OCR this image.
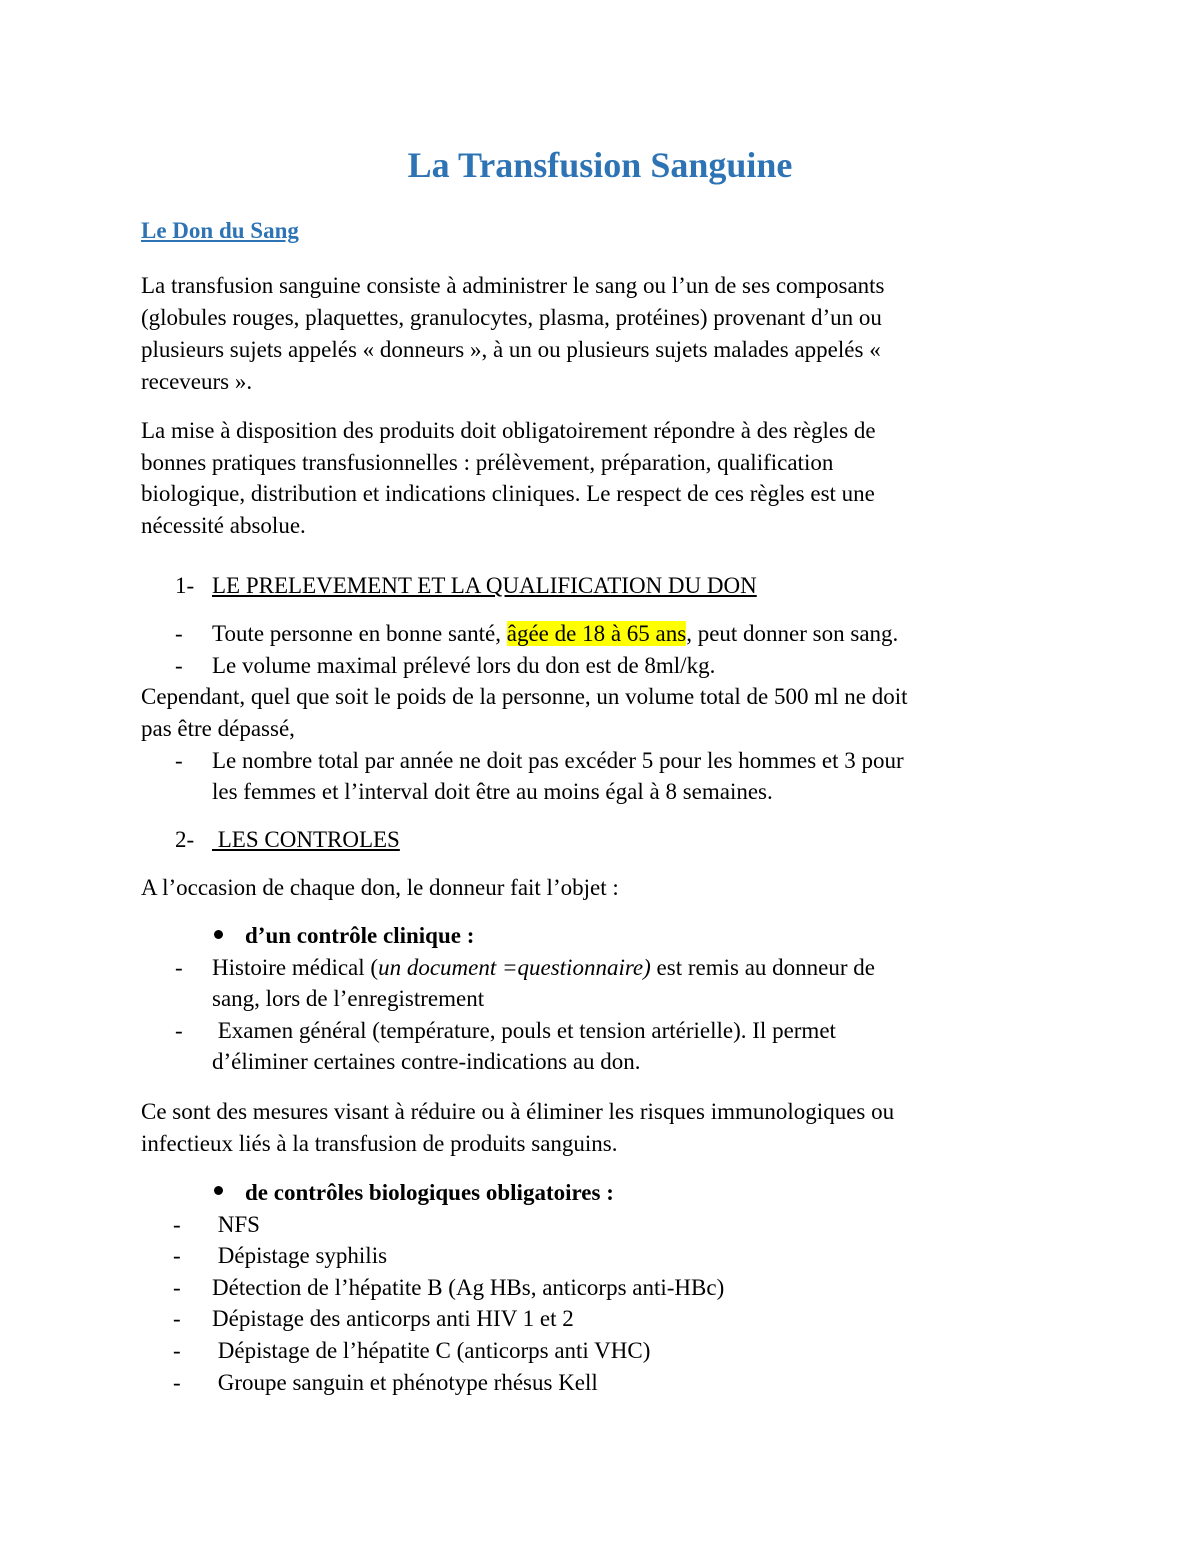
La Transfusion Sanguine
Le Don du Sang
La transfusion sanguine consiste à administrer le sang ou l’un de ses composants
(globules rouges, plaquettes, granulocytes, plasma, protéines) provenant d’un ou
plusieurs sujets appelés « donneurs », à un ou plusieurs sujets malades appelés «
receveurs ».
La mise à disposition des produits doit obligatoirement répondre à des règles de
bonnes pratiques transfusionnelles : prélèvement, préparation, qualification
biologique, distribution et indications cliniques. Le respect de ces règles est une
nécessité absolue.
1- LE PRELEVEMENT ET LA QUALIFICATION DU DON
- Toute personne en bonne santé, âgée de 18 à 65 ans, peut donner son sang.
- Le volume maximal prélevé lors du don est de 8ml/kg.
Cependant, quel que soit le poids de la personne, un volume total de 500 ml ne doit
pas être dépassé,
- Le nombre total par année ne doit pas excéder 5 pour les hommes et 3 pour
les femmes et l’interval doit être au moins égal à 8 semaines.
2- LES CONTROLES
A l’occasion de chaque don, le donneur fait l’objet :
d’un contrôle clinique :
- Histoire médical (un document =questionnaire) est remis au donneur de
sang, lors de l’enregistrement
- Examen général (température, pouls et tension artérielle). Il permet
d’éliminer certaines contre-indications au don.
Ce sont des mesures visant à réduire ou à éliminer les risques immunologiques ou
infectieux liés à la transfusion de produits sanguins.
de contrôles biologiques obligatoires :
- NFS
- Dépistage syphilis
- Détection de l’hépatite B (Ag HBs, anticorps anti-HBc)
- Dépistage des anticorps anti HIV 1 et 2
- Dépistage de l’hépatite C (anticorps anti VHC)
- Groupe sanguin et phénotype rhésus Kell
